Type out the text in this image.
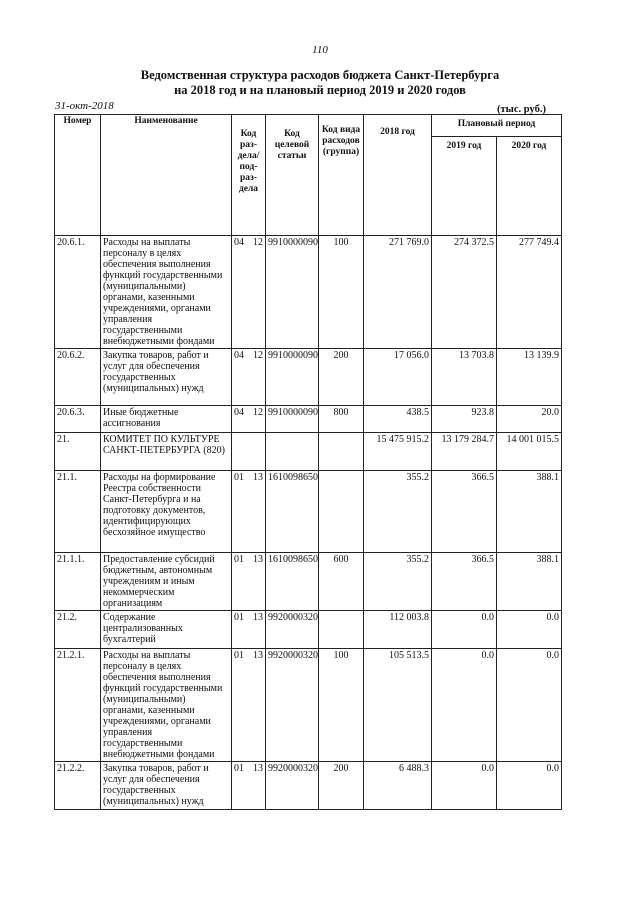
110
Ведомственная структура расходов бюджета Санкт-Петербурга
на 2018 год и на плановый период 2019 и 2020 годов
31-окт-2018	(тыс. руб.)
Номер	Наименование	Код раз-дела/ под-раз-дела		Код целевой статьи	Код вида расходов (группа)	2018 год	Плановый период	
							2019 год	2020 год
20.6.1.	Расходы на выплаты персоналу в целях обеспечения выполнения функций государственными (муниципальными) органами, казенными учреждениями, органами управления государственными внебюджетными фондами	04	12	9910000090	100	271 769.0	274 372.5	277 749.4
20.6.2.	Закупка товаров, работ и услуг для обеспечения государственных (муниципальных) нужд	04	12	9910000090	200	17 056.0	13 703.8	13 139.9
20.6.3.	Иные бюджетные ассигнования	04	12	9910000090	800	438.5	923.8	20.0
21.	КОМИТЕТ ПО КУЛЬТУРЕ САНКТ-ПЕТЕРБУРГА (820)					15 475 915.2	13 179 284.7	14 001 015.5
21.1.	Расходы на формирование Реестра собственности Санкт-Петербурга и на подготовку документов, идентифицирующих бесхозяйное имущество	01	13	1610098650		355.2	366.5	388.1
21.1.1.	Предоставление субсидий бюджетным, автономным учреждениям и иным некоммерческим организациям	01	13	1610098650	600	355.2	366.5	388.1
21.2.	Содержание централизованных бухгалтерий	01	13	9920000320		112 003.8	0.0	0.0
21.2.1.	Расходы на выплаты персоналу в целях обеспечения выполнения функций государственными (муниципальными) органами, казенными учреждениями, органами управления государственными внебюджетными фондами	01	13	9920000320	100	105 513.5	0.0	0.0
21.2.2.	Закупка товаров, работ и услуг для обеспечения государственных (муниципальных) нужд	01	13	9920000320	200	6 488.3	0.0	0.0
